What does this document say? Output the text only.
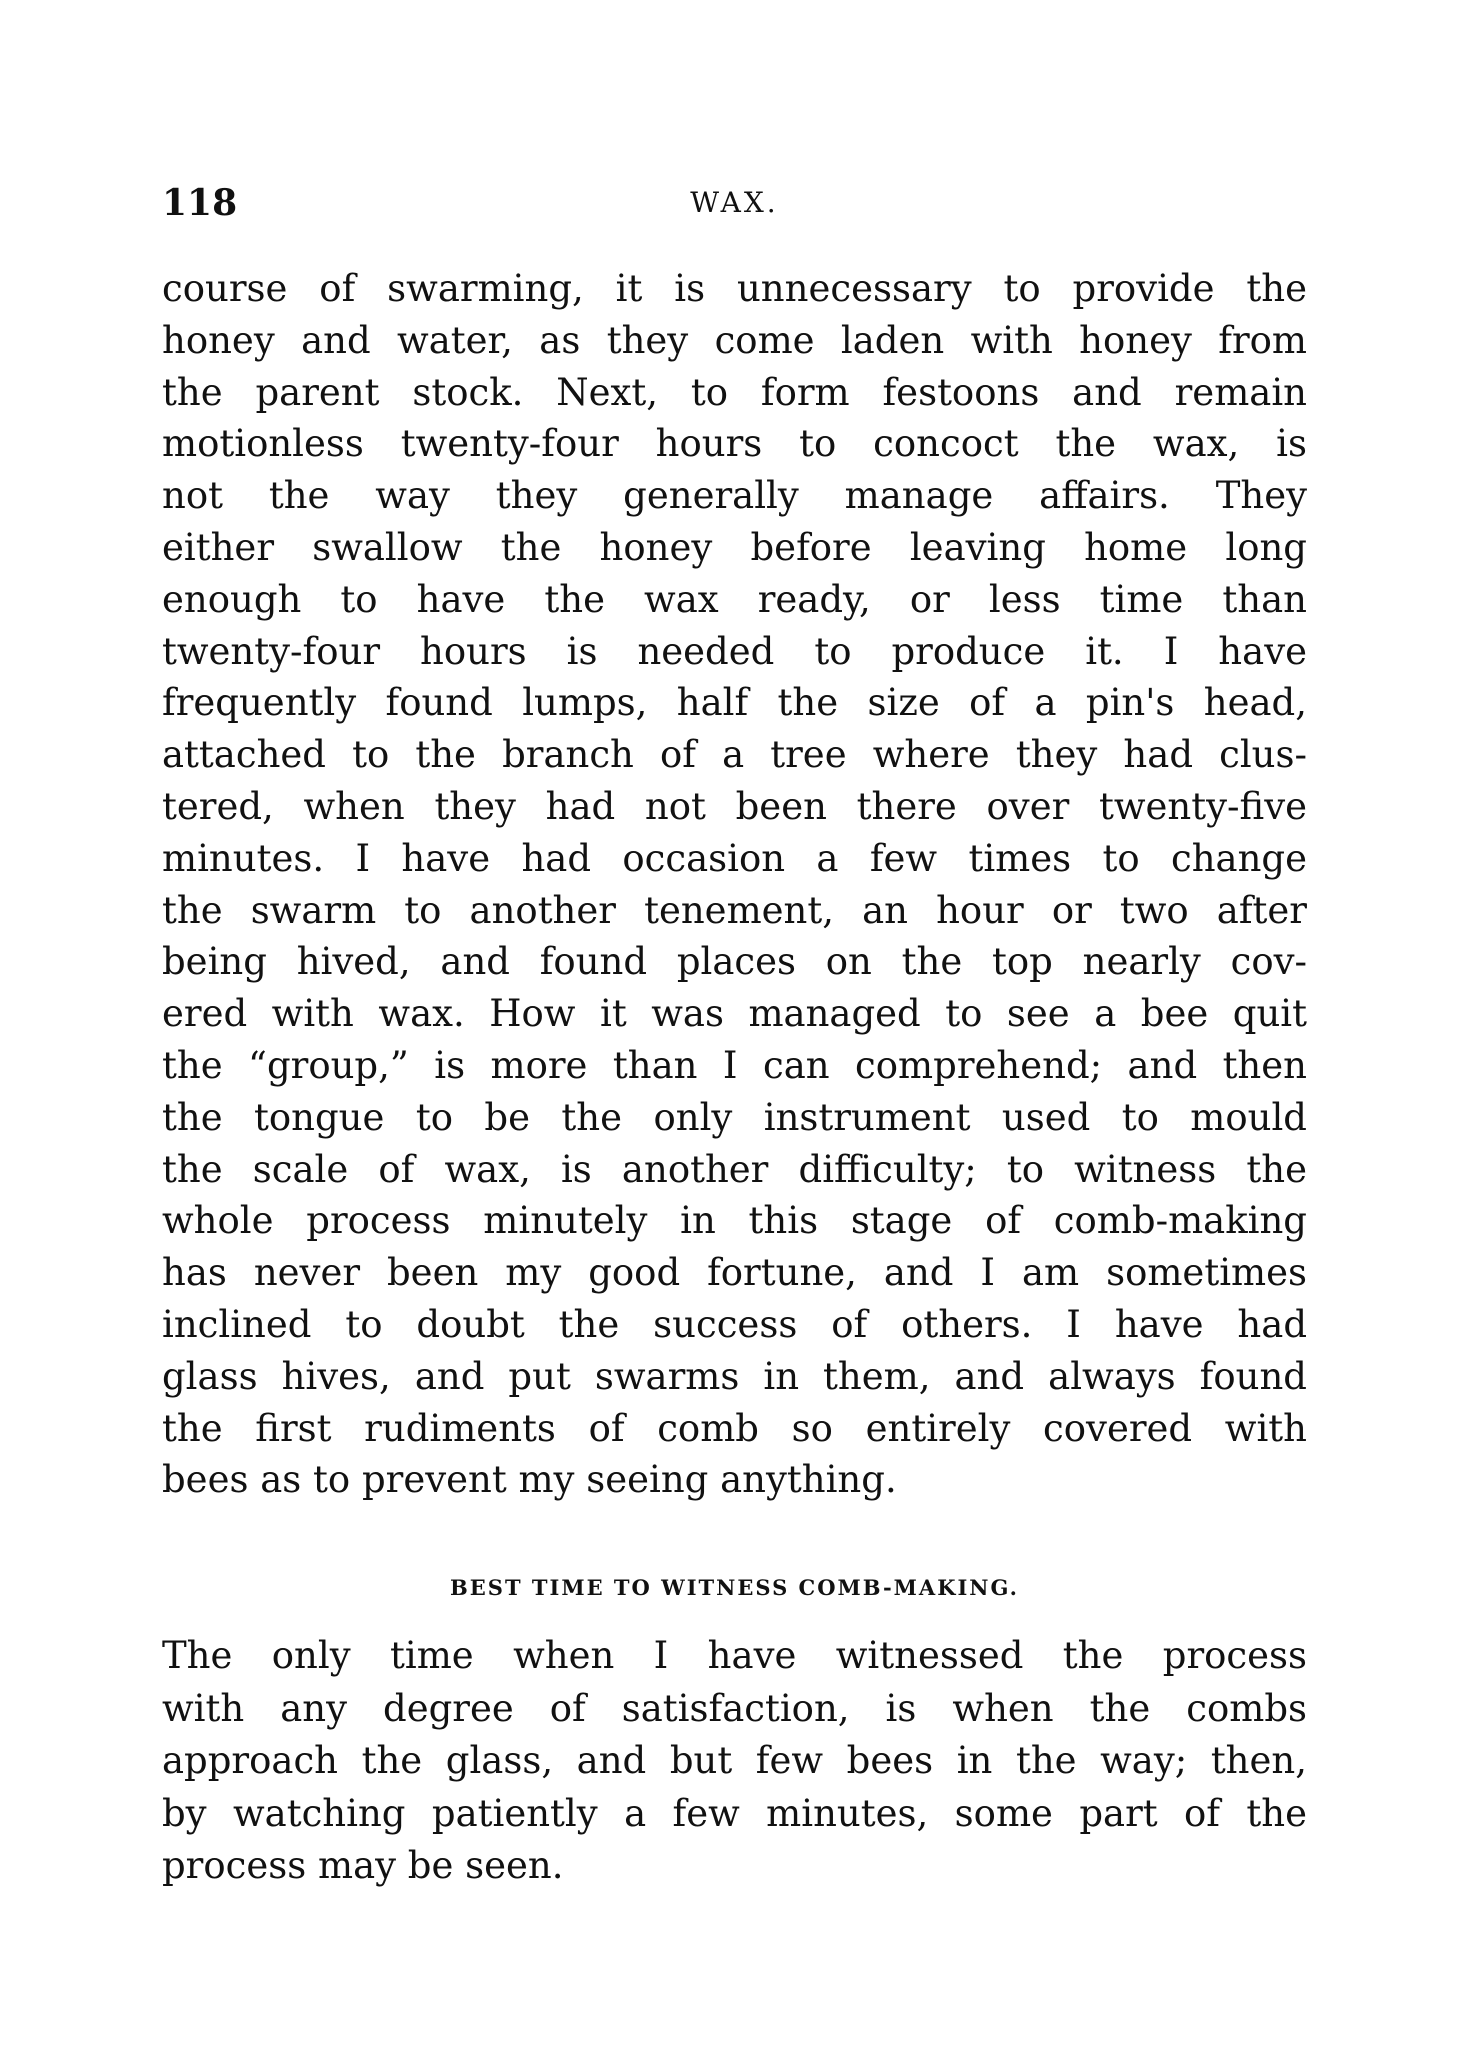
118	WAX.
course of swarming, it is unnecessary to provide the
honey and water, as they come laden with honey from
the parent stock. Next, to form festoons and remain
motionless twenty-four hours to concoct the wax, is
not the way they generally manage affairs. They
either swallow the honey before leaving home long
enough to have the wax ready, or less time than
twenty-four hours is needed to produce it. I have
frequently found lumps, half the size of a pin's head,
attached to the branch of a tree where they had clus-
tered, when they had not been there over twenty-five
minutes. I have had occasion a few times to change
the swarm to another tenement, an hour or two after
being hived, and found places on the top nearly cov-
ered with wax. How it was managed to see a bee quit
the “group,” is more than I can comprehend; and then
the tongue to be the only instrument used to mould
the scale of wax, is another difficulty; to witness the
whole process minutely in this stage of comb-making
has never been my good fortune, and I am sometimes
inclined to doubt the success of others. I have had
glass hives, and put swarms in them, and always found
the first rudiments of comb so entirely covered with
bees as to prevent my seeing anything.
BEST TIME TO WITNESS COMB-MAKING.
The only time when I have witnessed the process
with any degree of satisfaction, is when the combs
approach the glass, and but few bees in the way; then,
by watching patiently a few minutes, some part of the
process may be seen.
